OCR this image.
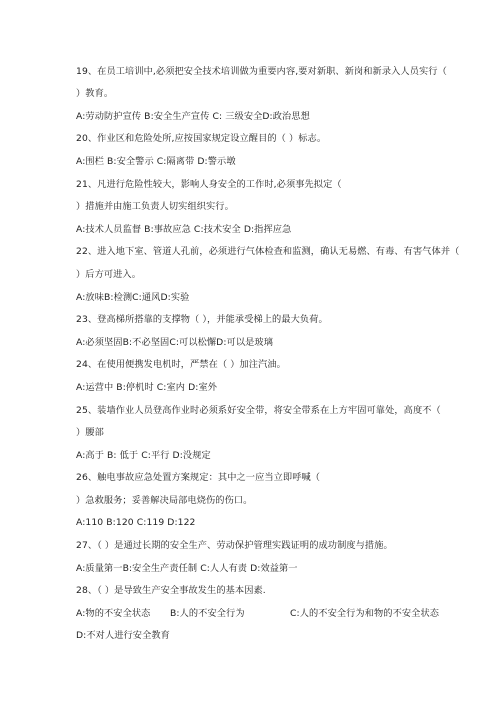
19、在员工培训中,必须把安全技术培训做为重要内容,要对新职、新岗和新录入人员实行（
）教育。
A:劳动防护宣传 B:安全生产宣传 C: 三级安全D:政治思想
20、作业区和危险处所,应按国家规定设立醒目的（ ）标志。
A:围栏 B:安全警示 C:隔离带 D:警示墩
21、凡进行危险性较大，影响人身安全的工作时,必须事先拟定（
）措施并由施工负责人切实组织实行。
A:技术人员监督 B:事故应急 C:技术安全 D:指挥应急
22、进入地下室、管道人孔前，必须进行气体检查和监测，确认无易燃、有毒、有害气体并（
）后方可进入。
A:放味B:检测C:通风D:实验
23、登高梯所搭靠的支撑物（ ），并能承受梯上的最大负荷。
A:必须坚固B:不必坚固C:可以松懈D:可以是玻璃
24、在使用便携发电机时，严禁在（ ）加注汽油。
A:运营中 B:停机时 C:室内 D:室外
25、装墙作业人员登高作业时必须系好安全带，将安全带系在上方牢固可靠处，高度不（
）腰部
A:高于 B: 低于 C:平行 D:没规定
26、触电事故应急处置方案规定：其中之一应当立即呼喊（
）急救服务；妥善解决局部电烧伤的伤口。
A:110 B:120 C:119 D:122
27、（ ）是通过长期的安全生产、劳动保护管理实践证明的成功制度与措施。
A:质量第一B:安全生产责任制 C:人人有责 D:效益第一
28、（ ）是导致生产安全事故发生的基本因素.
A:物的不安全状态 B:人的不安全行为	C:人的不安全行为和物的不安全状态
D:不对人进行安全教育
